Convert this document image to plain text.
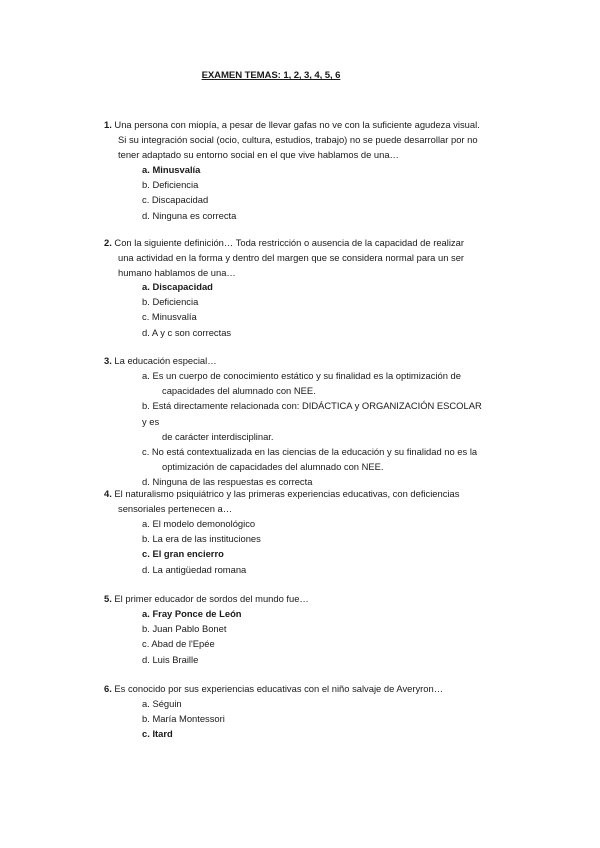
EXAMEN TEMAS: 1, 2, 3, 4, 5, 6
1. Una persona con miopía, a pesar de llevar gafas no ve con la suficiente agudeza visual.
Si su integración social (ocio, cultura, estudios, trabajo) no se puede desarrollar por no
tener adaptado su entorno social en el que vive hablamos de una…
a. Minusvalía
b. Deficiencia
c. Discapacidad
d. Ninguna es correcta
2. Con la siguiente definición… Toda restricción o ausencia de la capacidad de realizar
una actividad en la forma y dentro del margen que se considera normal para un ser
humano hablamos de una…
a. Discapacidad
b. Deficiencia
c. Minusvalía
d. A y c son correctas
3. La educación especial…
a. Es un cuerpo de conocimiento estático y su finalidad es la optimización de
capacidades del alumnado con NEE.
b. Está directamente relacionada con: DIDÁCTICA y ORGANIZACIÓN ESCOLAR y es
de carácter interdisciplinar.
c. No está contextualizada en las ciencias de la educación y su finalidad no es la
optimización de capacidades del alumnado con NEE.
d. Ninguna de las respuestas es correcta
4. El naturalismo psiquiátrico y las primeras experiencias educativas, con deficiencias
sensoriales pertenecen a…
a. El modelo demonológico
b. La era de las instituciones
c. El gran encierro
d. La antigüedad romana
5. El primer educador de sordos del mundo fue…
a. Fray Ponce de León
b. Juan Pablo Bonet
c. Abad de l'Epée
d. Luis Braille
6. Es conocido por sus experiencias educativas con el niño salvaje de Averyron…
a. Séguin
b. María Montessori
c. Itard
